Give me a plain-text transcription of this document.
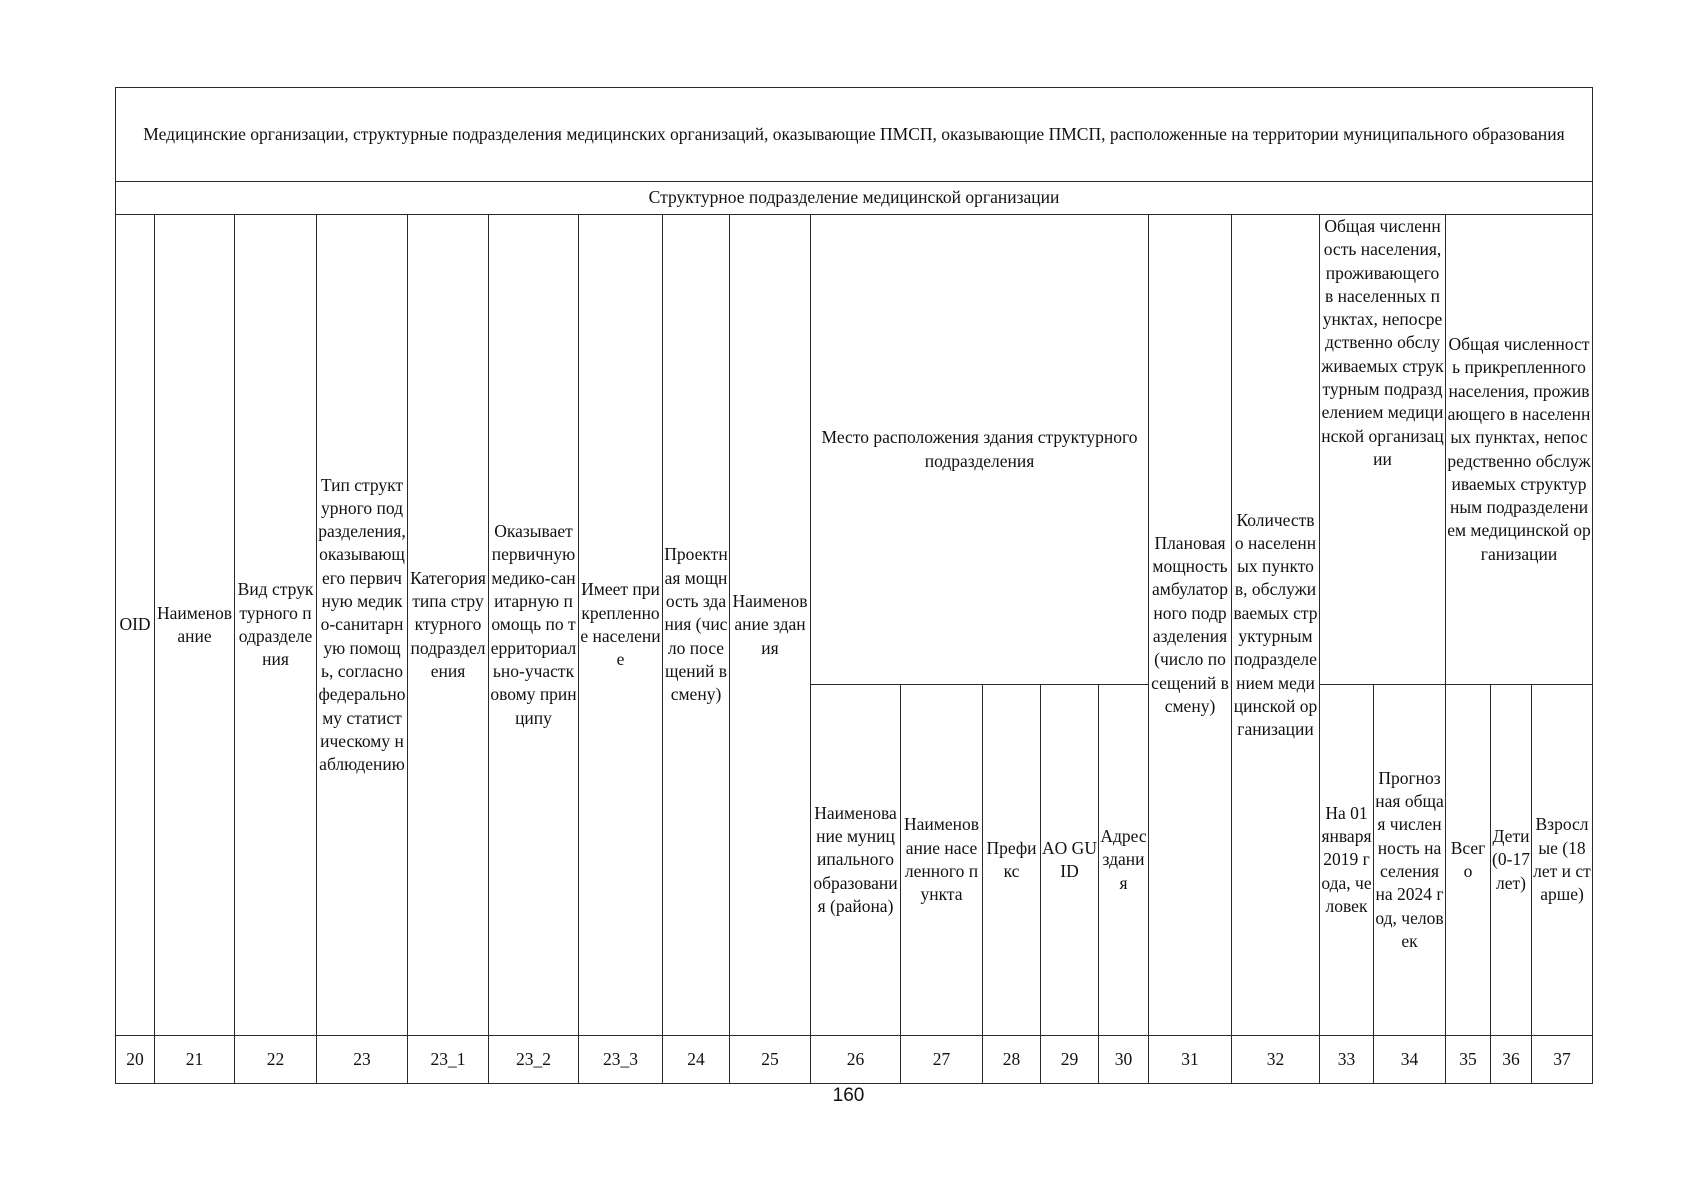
Медицинские организации, структурные подразделения медицинских организаций, оказывающие ПМСП, оказывающие ПМСП, расположенные на территории муниципального образования																				
Структурное подразделение медицинской организации																				
OID	Наименование	Вид структурного подразделения	Тип структурного подразделения, оказывающего первичную медико-санитарную помощь, согласно федеральному статистическому наблюдению	Категория типа структурного подразделения	Оказывает первичную медико-санитарную помощь по территориально-участковому принципу	Имеет прикрепленное население	Проектная мощность здания (число посещений в смену)	Наименование здания	Место расположения здания структурного подразделения					Плановая мощность амбулаторного подразделения (число посещений в смену)	Количество населенных пунктов, обслуживаемых структурным подразделением медицинской организации	Общая численность населения, проживающего в населенных пунктах, непосредственно обслуживаемых структурным подразделением медицинской организации		Общая численность прикрепленного населения, проживающего в населенных пунктах, непосредственно обслуживаемых структурным подразделением медицинской организации		
									Наименование муниципального образования (района)	Наименование населенного пункта	Префикс	AO GUID	Адрес здания			На 01 января 2019 года, человек	Прогнозная общая численность населения на 2024 год, человек	Всего	Дети (0-17 лет)	Взрослые (18 лет и старше)
20	21	22	23	23_1	23_2	23_3	24	25	26	27	28	29	30	31	32	33	34	35	36	37
160
